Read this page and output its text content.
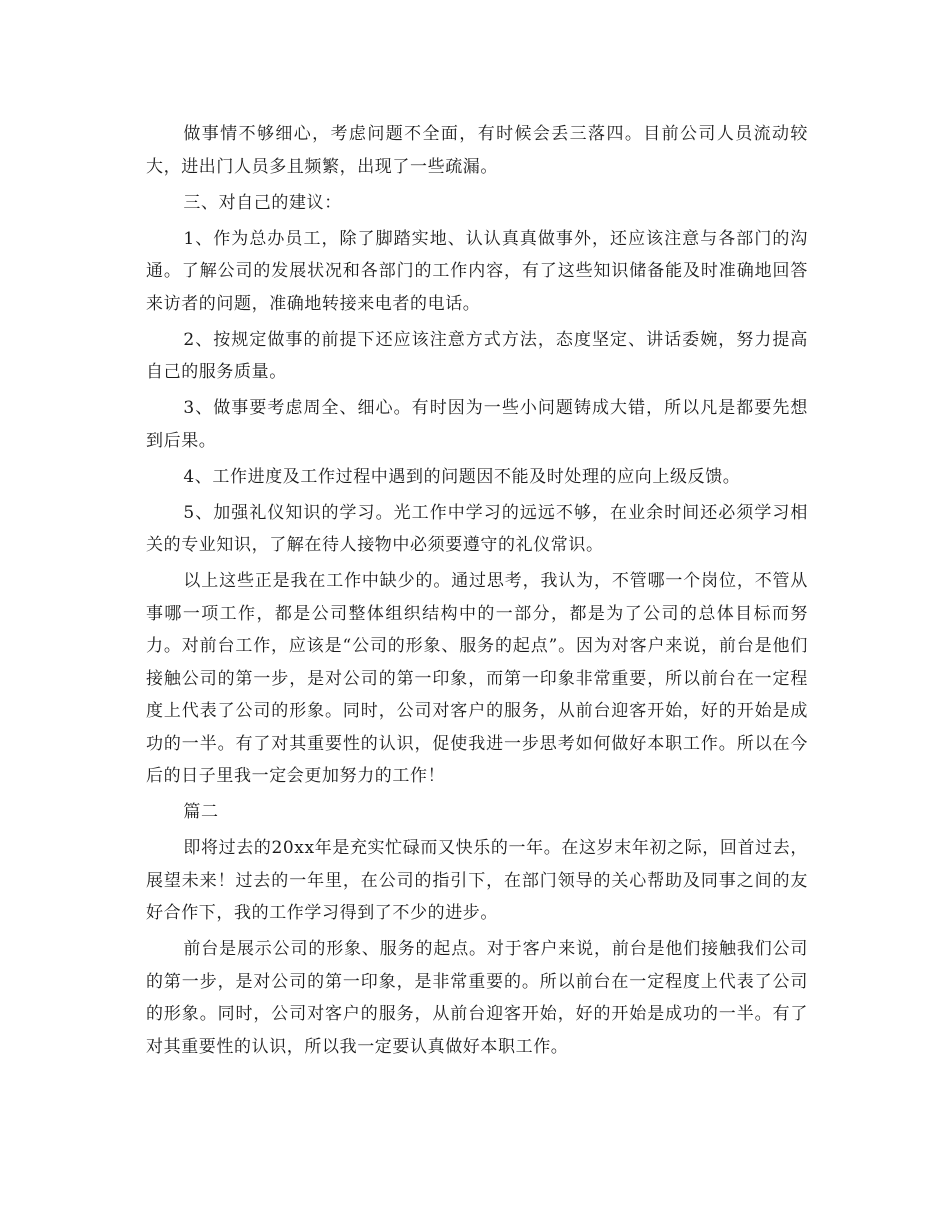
做事情不够细心，考虑问题不全面，有时候会丢三落四。目前公司人员流动较大，进出门人员多且频繁，出现了一些疏漏。

三、对自己的建议：

1、作为总办员工，除了脚踏实地、认认真真做事外，还应该注意与各部门的沟通。了解公司的发展状况和各部门的工作内容，有了这些知识储备能及时准确地回答来访者的问题，准确地转接来电者的电话。

2、按规定做事的前提下还应该注意方式方法，态度坚定、讲话委婉，努力提高自己的服务质量。

3、做事要考虑周全、细心。有时因为一些小问题铸成大错，所以凡是都要先想到后果。

4、工作进度及工作过程中遇到的问题因不能及时处理的应向上级反馈。

5、加强礼仪知识的学习。光工作中学习的远远不够，在业余时间还必须学习相关的专业知识，了解在待人接物中必须要遵守的礼仪常识。

以上这些正是我在工作中缺少的。通过思考，我认为，不管哪一个岗位，不管从事哪一项工作，都是公司整体组织结构中的一部分，都是为了公司的总体目标而努力。对前台工作，应该是“公司的形象、服务的起点”。因为对客户来说，前台是他们接触公司的第一步，是对公司的第一印象，而第一印象非常重要，所以前台在一定程度上代表了公司的形象。同时，公司对客户的服务，从前台迎客开始，好的开始是成功的一半。有了对其重要性的认识，促使我进一步思考如何做好本职工作。所以在今后的日子里我一定会更加努力的工作！

篇二

即将过去的20xx年是充实忙碌而又快乐的一年。在这岁末年初之际，回首过去，展望未来！过去的一年里，在公司的指引下，在部门领导的关心帮助及同事之间的友好合作下，我的工作学习得到了不少的进步。

前台是展示公司的形象、服务的起点。对于客户来说，前台是他们接触我们公司的第一步，是对公司的第一印象，是非常重要的。所以前台在一定程度上代表了公司的形象。同时，公司对客户的服务，从前台迎客开始，好的开始是成功的一半。有了对其重要性的认识，所以我一定要认真做好本职工作。
